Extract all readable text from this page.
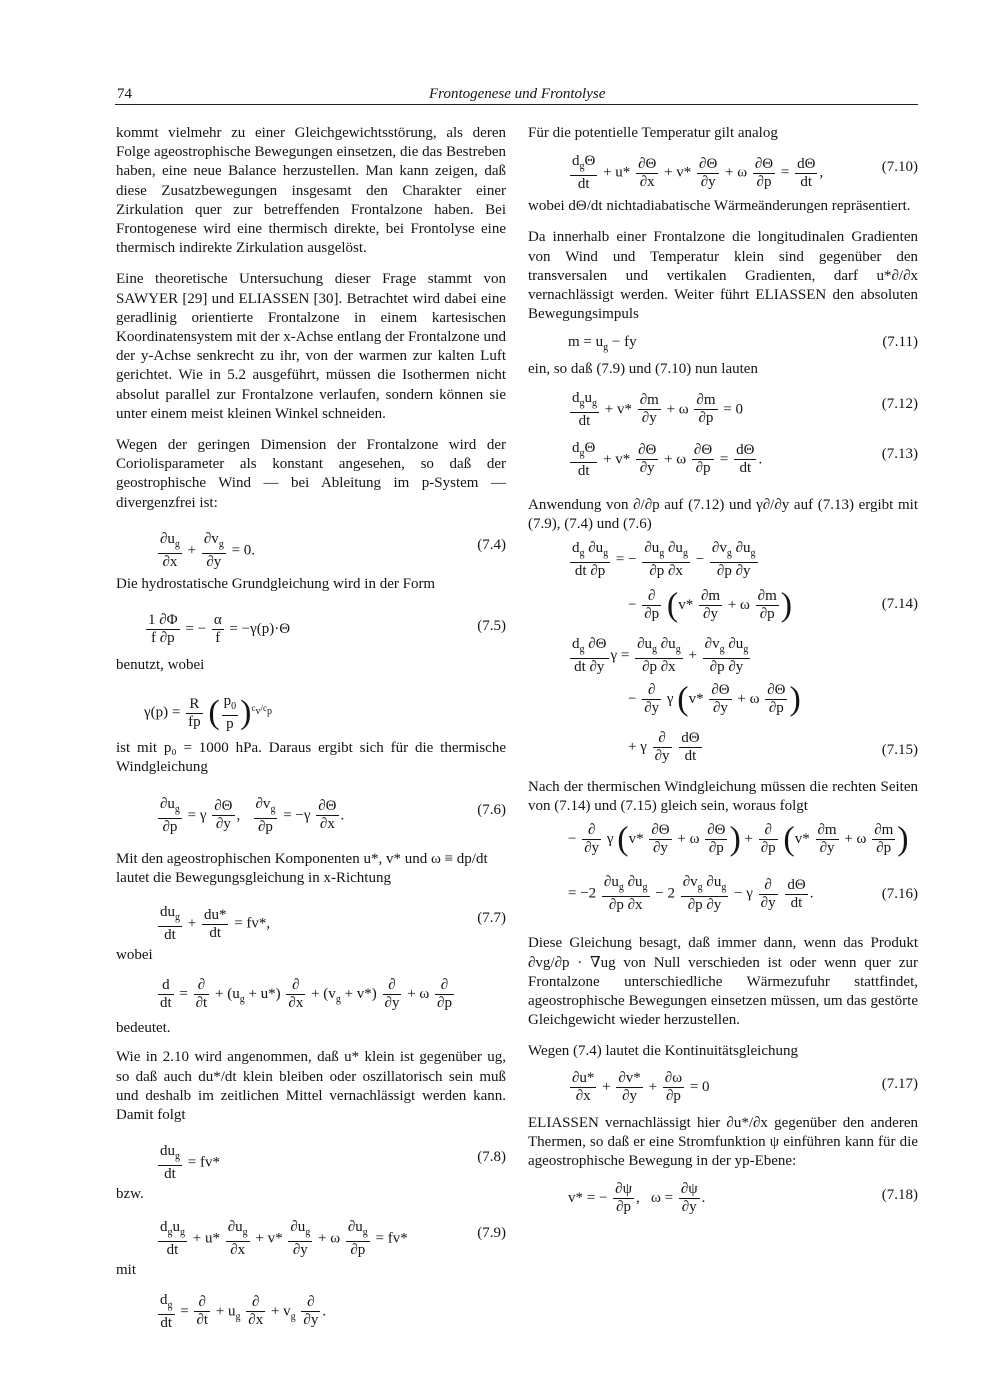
74	Frontogenese und Frontolyse

kommt vielmehr zu einer Gleichgewichtsstörung, als deren Folge ageostrophische Bewegungen einsetzen, die das Bestreben haben, eine neue Balance herzustellen. Man kann zeigen, daß diese Zusatzbewegungen insgesamt den Charakter einer Zirkulation quer zur betreffenden Frontalzone haben. Bei Frontogenese wird eine thermisch direkte, bei Frontolyse eine thermisch indirekte Zirkulation ausgelöst.

Eine theoretische Untersuchung dieser Frage stammt von SAWYER [29] und ELIASSEN [30]. Betrachtet wird dabei eine geradlinig orientierte Frontalzone in einem kartesischen Koordinatensystem mit der x-Achse entlang der Frontalzone und der y-Achse senkrecht zu ihr, von der warmen zur kalten Luft gerichtet. Wie in 5.2 ausgeführt, müssen die Isothermen nicht absolut parallel zur Frontalzone verlaufen, sondern können sie unter einem meist kleinen Winkel schneiden.

Wegen der geringen Dimension der Frontalzone wird der Coriolisparameter als konstant angesehen, so daß der geostrophische Wind — bei Ableitung im p-System — divergenzfrei ist:

$\frac{\partial u_g}{\partial x} + \frac{\partial v_g}{\partial y} = 0$.	(7.4)

Die hydrostatische Grundgleichung wird in der Form

$\frac{1 \partial\Phi}{f \partial p}$ = − $\frac{\alpha}{f} = -\gamma(p)\cdot\Theta$	(7.5)

benutzt, wobei

$\gamma(p) = \frac{R}{fp}$ ( $\frac{p_0}{p} )^{c_v/c_p}$

ist mit p₀ = 1000 hPa. Daraus ergibt sich für die thermische Windgleichung

$\frac{\partial u_g}{\partial p} = \gamma \frac{\partial\Theta}{\partial y}$ , $\frac{\partial v_g}{\partial p} = -\gamma \frac{\partial\Theta}{\partial x}$ .	(7.6)
Mit den ageostrophischen Komponenten u*, v* und ω ≡ dp/dt
lautet die Bewegungsgleichung in x-Richtung
$\frac{du_g}{dt} + \frac{du*}{dt} = fv*$,	(7.7)
wobei
$\frac{d}{dt} = \frac{\partial}{\partial t} + (u_g + u*) \frac{\partial}{\partial x} + (v_g + v*) \frac{\partial}{\partial y} + \omega \frac{\partial}{\partial p}$
bedeutet.

Wie in 2.10 wird angenommen, daß u* klein ist gegenüber ug, so daß auch du*/dt klein bleiben oder oszillatorisch sein muß und deshalb im zeitlichen Mittel vernachlässigt werden kann. Damit folgt

$\frac{du_g}{dt} = fv*$	(7.8)
bzw.
$\frac{d_gu_g}{dt} + u* \frac{\partial u_g}{\partial x} + v* \frac{\partial u_g}{\partial y} + \omega \frac{\partial u_g}{\partial p} = fv*$	(7.9)
mit
$\frac{d_g}{dt} = \frac{\partial}{\partial t} + u_g \frac{\partial}{\partial x} + v_g \frac{\partial}{\partial y}$ .

Für die potentielle Temperatur gilt analog

$\frac{d_g\Theta}{dt} + u* \frac{\partial\Theta}{\partial x} + v* \frac{\partial\Theta}{\partial y} + \omega \frac{\partial\Theta}{\partial p} = \frac{d\Theta}{dt}$ ,	(7.10)

wobei dΘ/dt nichtadiabatische Wärmeänderungen repräsentiert.

Da innerhalb einer Frontalzone die longitudinalen Gradienten von Wind und Temperatur klein sind gegenüber den transversalen und vertikalen Gradienten, darf u*∂/∂x vernachlässigt werden. Weiter führt ELIASSEN den absoluten Bewegungsimpuls

$m = u_g$ − fy	(7.11)

ein, so daß (7.9) und (7.10) nun lauten

$\frac{d_gu_g}{dt} + v* \frac{\partial m}{\partial y} + \omega \frac{\partial m}{\partial p} = 0$	(7.12)
$\frac{d_g\Theta}{dt} + v* \frac{\partial\Theta}{\partial y} + \omega \frac{\partial\Theta}{\partial p} = \frac{d\Theta}{dt}$ .	(7.13)

Anwendung von ∂/∂p auf (7.12) und γ∂/∂y auf (7.13) ergibt mit (7.9), (7.4) und (7.6)

$\frac{d_g \partial u_g}{dt \partial p}$ = − $\frac{\partial u_g \partial u_g}{\partial p \partial x} - \frac{\partial v_g \partial u_g}{\partial p \partial y}$
− $\frac{\partial}{\partial p} (v* \frac{\partial m}{\partial y} + \omega \frac{\partial m}{\partial p}$ )	(7.14)
$\frac{d_g \partial\Theta}{dt \partial y}$ $\gamma = \frac{\partial u_g \partial u_g}{\partial p \partial x} + \frac{\partial v_g \partial u_g}{\partial p \partial y}$
− $\frac{\partial}{\partial y}$ γ ($v* \frac{\partial\Theta}{\partial y} + \omega \frac{\partial\Theta}{\partial p}$ )
+ γ $\frac{\partial}{\partial y}$
$\frac{d\Theta}{dt}$	(7.15)

Nach der thermischen Windgleichung müssen die rechten Seiten von (7.14) und (7.15) gleich sein, woraus folgt

− $\frac{\partial}{\partial y}$ γ ($v* \frac{\partial\Theta}{\partial y} + \omega \frac{\partial\Theta}{\partial p}$ ) + $\frac{\partial}{\partial p} (v* \frac{\partial m}{\partial y} + \omega \frac{\partial m}{\partial p}$ )
= $-2 \frac{\partial u_g \partial u_g}{\partial p \partial x} - 2 \frac{\partial v_g \partial u_g}{\partial p \partial y} - \gamma \frac{\partial}{\partial y}$
$\frac{d\Theta}{dt}$ .	(7.16)

Diese Gleichung besagt, daß immer dann, wenn das Produkt ∂vg/∂p · ∇ug von Null verschieden ist oder wenn quer zur Frontalzone unterschiedliche Wärmezufuhr stattfindet, ageostrophische Bewegungen einsetzen müssen, um das gestörte Gleichgewicht wieder herzustellen.

Wegen (7.4) lautet die Kontinuitätsgleichung

$\frac{\partial u*}{\partial x} + \frac{\partial v*}{\partial y} + \frac{\partial\omega}{\partial p} = 0$	(7.17)

ELIASSEN vernachlässigt hier ∂u*/∂x gegenüber den anderen Thermen, so daß er eine Stromfunktion ψ einführen kann für die ageostrophische Bewegung in der yp-Ebene:

v* = − $\frac{\partial\psi}{\partial p}$ ,   $\omega = \frac{\partial\psi}{\partial y}$ .	(7.18)
